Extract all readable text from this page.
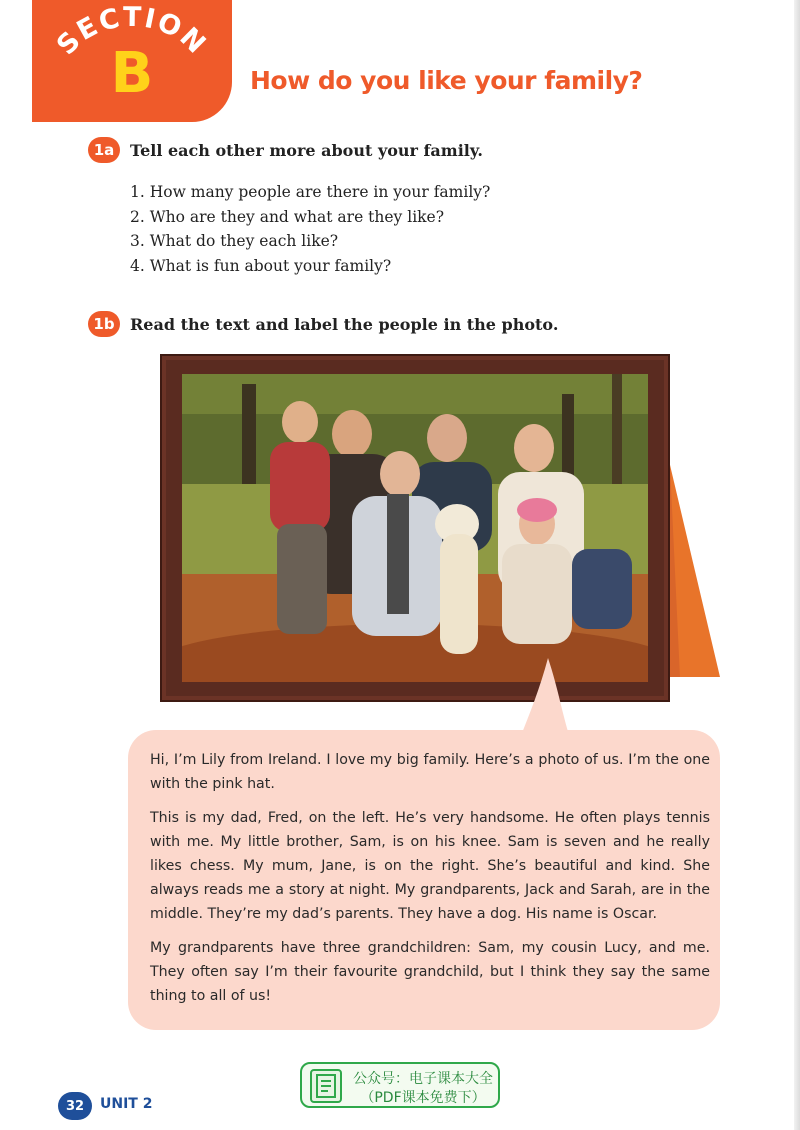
SECTION
B	How do you like your family?
1a Tell each other more about your family.
1. How many people are there in your family?
2. Who are they and what are they like?
3. What do they each like?
4. What is fun about your family?
1b Read the text and label the people in the photo.

Hi, I’m Lily from Ireland. I love my big family. Here’s a photo of us. I’m the one with the pink hat.

This is my dad, Fred, on the left. He’s very handsome. He often plays tennis with me. My little brother, Sam, is on his knee. Sam is seven and he really likes chess. My mum, Jane, is on the right. She’s beautiful and kind. She always reads me a story at night. My grandparents, Jack and Sarah, are in the middle. They’re my dad’s parents. They have a dog. His name is Oscar.

My grandparents have three grandchildren: Sam, my cousin Lucy, and me. They often say I’m their favourite grandchild, but I think they say the same thing to all of us!

公众号：电子课本大全
（PDF课本免费下）
32	UNIT 2
